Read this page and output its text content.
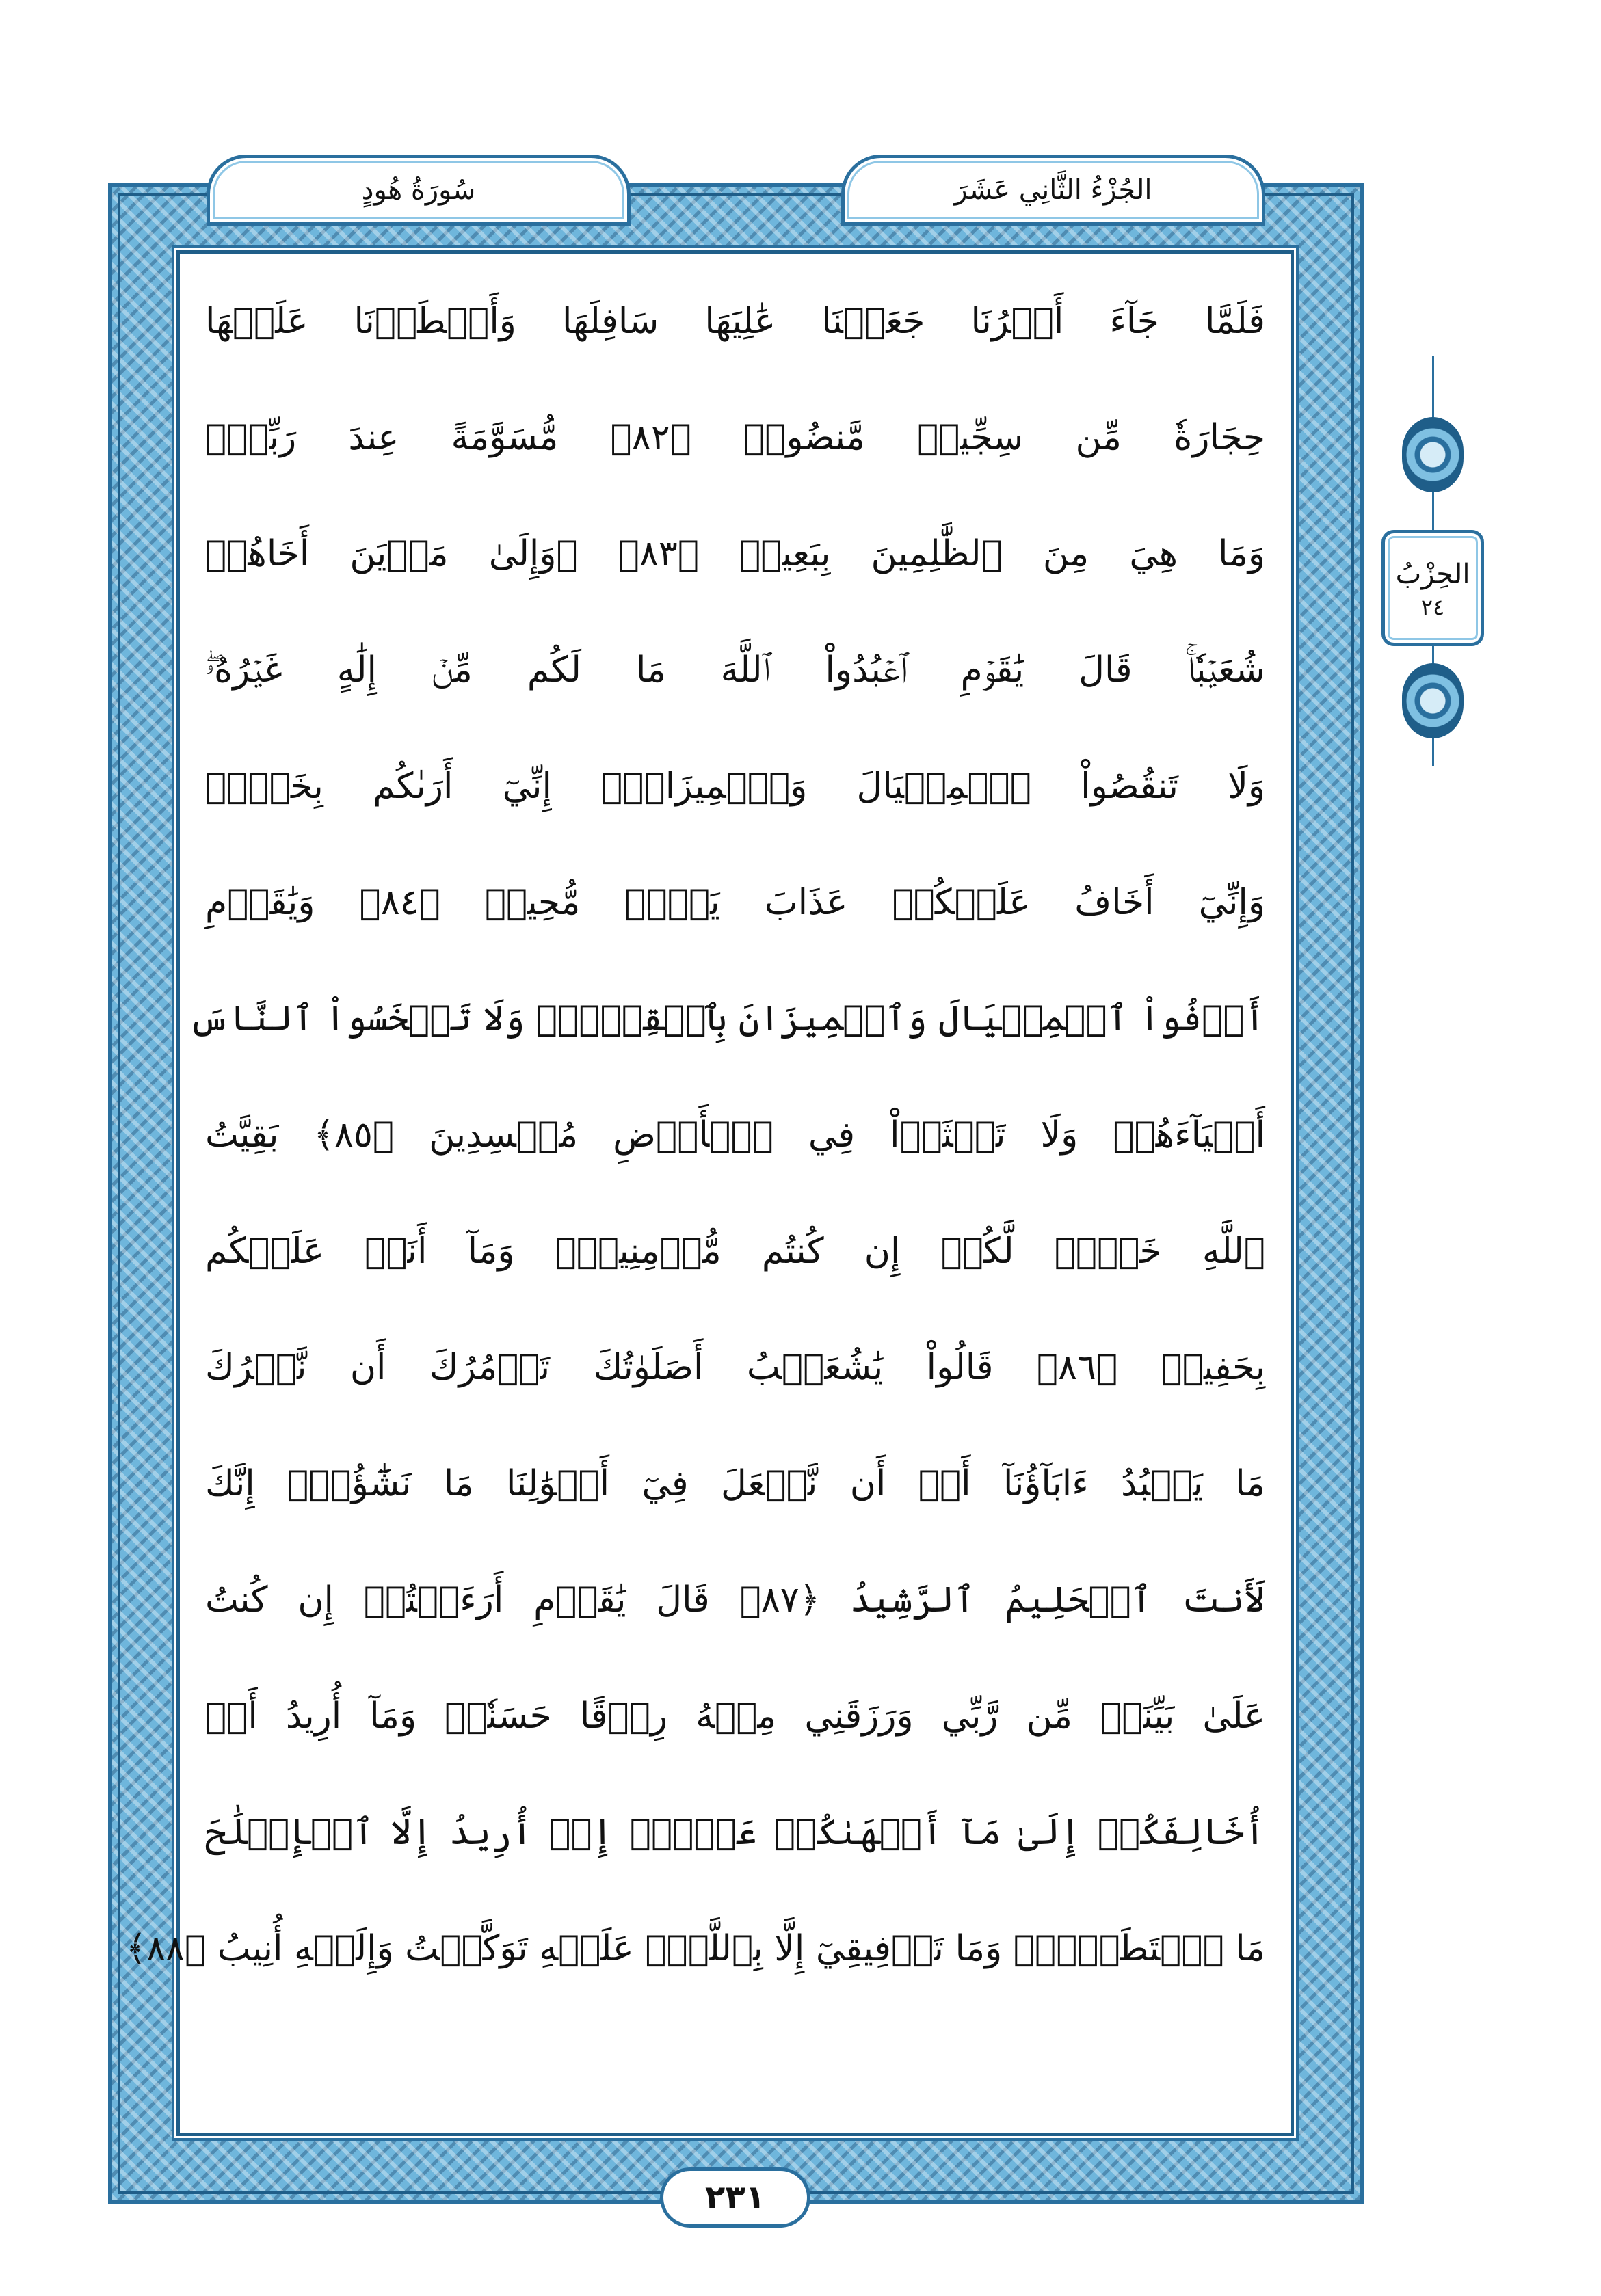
سُورَةُ هُودٍ	الجُزْءُ الثَّانِي عَشَرَ
فَلَمَّا جَآءَ أَمۡرُنَا جَعَلۡنَا عَٰلِيَهَا سَافِلَهَا وَأَمۡطَرۡنَا عَلَيۡهَا
حِجَارَةٗ مِّن سِجِّيلٖ مَّنضُودٖ ﴿٨٢﴾ مُّسَوَّمَةً عِندَ رَبِّكَۖ
وَمَا هِيَ مِنَ ٱلظَّٰلِمِينَ بِبَعِيدٖ ﴿٨٣﴾ ۞وَإِلَىٰ مَدۡيَنَ أَخَاهُمۡ
شُعَيۡبٗاۚ قَالَ يَٰقَوۡمِ ٱعۡبُدُواْ ٱللَّهَ مَا لَكُم مِّنۡ إِلَٰهٍ غَيۡرُهُۥۖ
وَلَا تَنقُصُواْ ٱلۡمِكۡيَالَ وَٱلۡمِيزَانَۖ إِنِّيٓ أَرَىٰكُم بِخَيۡرٖ
وَإِنِّيٓ أَخَافُ عَلَيۡكُمۡ عَذَابَ يَوۡمٖ مُّحِيطٖ ﴿٨٤﴾ وَيَٰقَوۡمِ
أَوۡفُواْ ٱلۡمِكۡيَالَ وَٱلۡمِيزَانَ بِٱلۡقِسۡطِۖ وَلَا تَبۡخَسُواْ ٱلنَّاسَ
أَشۡيَآءَهُمۡ وَلَا تَعۡثَوۡاْ فِي ٱلۡأَرۡضِ مُفۡسِدِينَ ﴿٨٥﴾ بَقِيَّتُ
ٱللَّهِ خَيۡرٞ لَّكُمۡ إِن كُنتُم مُّؤۡمِنِينَۚ وَمَآ أَنَا۠ عَلَيۡكُم
بِحَفِيظٖ ﴿٨٦﴾ قَالُواْ يَٰشُعَيۡبُ أَصَلَوٰتُكَ تَأۡمُرُكَ أَن نَّتۡرُكَ
مَا يَعۡبُدُ ءَابَآؤُنَآ أَوۡ أَن نَّفۡعَلَ فِيٓ أَمۡوَٰلِنَا مَا نَشَٰٓؤُاْۖ إِنَّكَ
لَأَنتَ ٱلۡحَلِيمُ ٱلرَّشِيدُ ﴿٨٧﴾ قَالَ يَٰقَوۡمِ أَرَءَيۡتُمۡ إِن كُنتُ
عَلَىٰ بَيِّنَةٖ مِّن رَّبِّي وَرَزَقَنِي مِنۡهُ رِزۡقًا حَسَنٗاۚ وَمَآ أُرِيدُ أَنۡ
أُخَالِفَكُمۡ إِلَىٰ مَآ أَنۡهَىٰكُمۡ عَنۡهُۚ إِنۡ أُرِيدُ إِلَّا ٱلۡإِصۡلَٰحَ
مَا ٱسۡتَطَعۡتُۚ وَمَا تَوۡفِيقِيٓ إِلَّا بِٱللَّهِۚ عَلَيۡهِ تَوَكَّلۡتُ وَإِلَيۡهِ أُنِيبُ ﴿٨٨﴾
الحِزْبُ
٢٤
٢٣١
